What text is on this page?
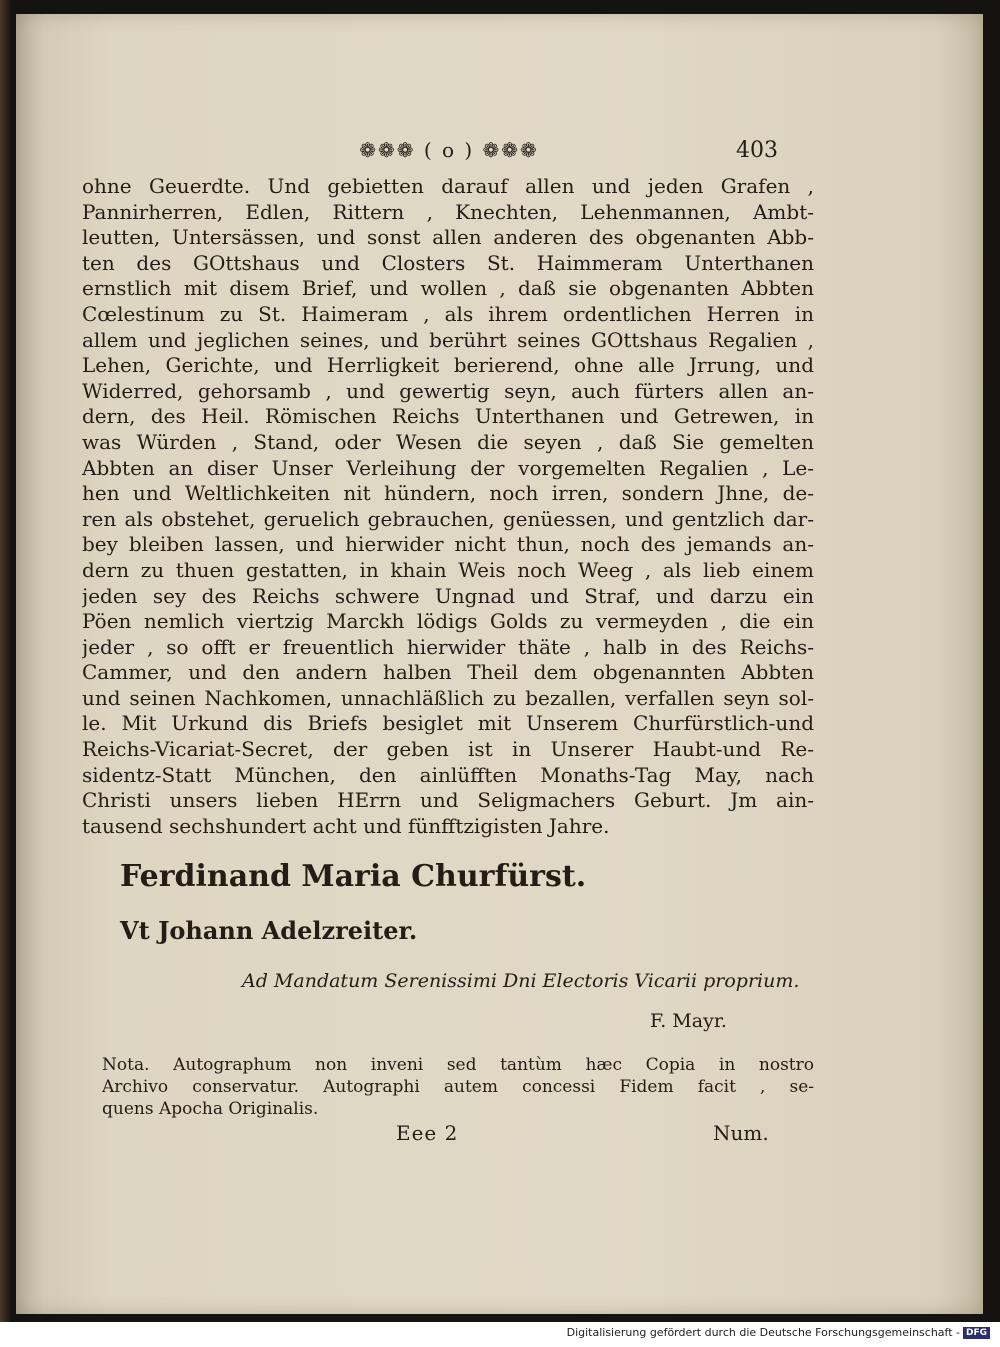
❁❁❁ ( o ) ❁❁❁	403
ohne Geuerdte. Und gebietten darauf allen und jeden Grafen ,
Pannirherren, Edlen, Rittern , Knechten, Lehenmannen, Ambt-
leutten, Untersässen, und sonst allen anderen des obgenanten Abb-
ten des GOttshaus und Closters St. Haimmeram Unterthanen
ernstlich mit disem Brief, und wollen , daß sie obgenanten Abbten
Cœlestinum zu St. Haimeram , als ihrem ordentlichen Herren in
allem und jeglichen seines, und berührt seines GOttshaus Regalien ,
Lehen, Gerichte, und Herrligkeit berierend, ohne alle Jrrung, und
Widerred, gehorsamb , und gewertig seyn, auch fürters allen an-
dern, des Heil. Römischen Reichs Unterthanen und Getrewen, in
was Würden , Stand, oder Wesen die seyen , daß Sie gemelten
Abbten an diser Unser Verleihung der vorgemelten Regalien , Le-
hen und Weltlichkeiten nit hündern, noch irren, sondern Jhne, de-
ren als obstehet, geruelich gebrauchen, genüessen, und gentzlich dar-
bey bleiben lassen, und hierwider nicht thun, noch des jemands an-
dern zu thuen gestatten, in khain Weis noch Weeg , als lieb einem
jeden sey des Reichs schwere Ungnad und Straf, und darzu ein
Pöen nemlich viertzig Marckh lödigs Golds zu vermeyden , die ein
jeder , so offt er freuentlich hierwider thäte , halb in des Reichs-
Cammer, und den andern halben Theil dem obgenannten Abbten
und seinen Nachkomen, unnachläßlich zu bezallen, verfallen seyn sol-
le. Mit Urkund dis Briefs besiglet mit Unserem Churfürstlich-und
Reichs-Vicariat-Secret, der geben ist in Unserer Haubt-und Re-
sidentz-Statt München, den ainlüfften Monaths-Tag May, nach
Christi unsers lieben HErrn und Seligmachers Geburt. Jm ain-
tausend sechshundert acht und fünfftzigisten Jahre.
Ferdinand Maria Churfürst.
Vt Johann Adelzreiter.
Ad Mandatum Serenissimi Dni Electoris Vicarii proprium.
F. Mayr.
Nota. Autographum non inveni sed tantùm hæc Copia in nostro
Archivo conservatur. Autographi autem concessi Fidem facit , se-
quens Apocha Originalis.
Eee 2	Num.
Digitalisierung gefördert durch die Deutsche Forschungsgemeinschaft - DFG
